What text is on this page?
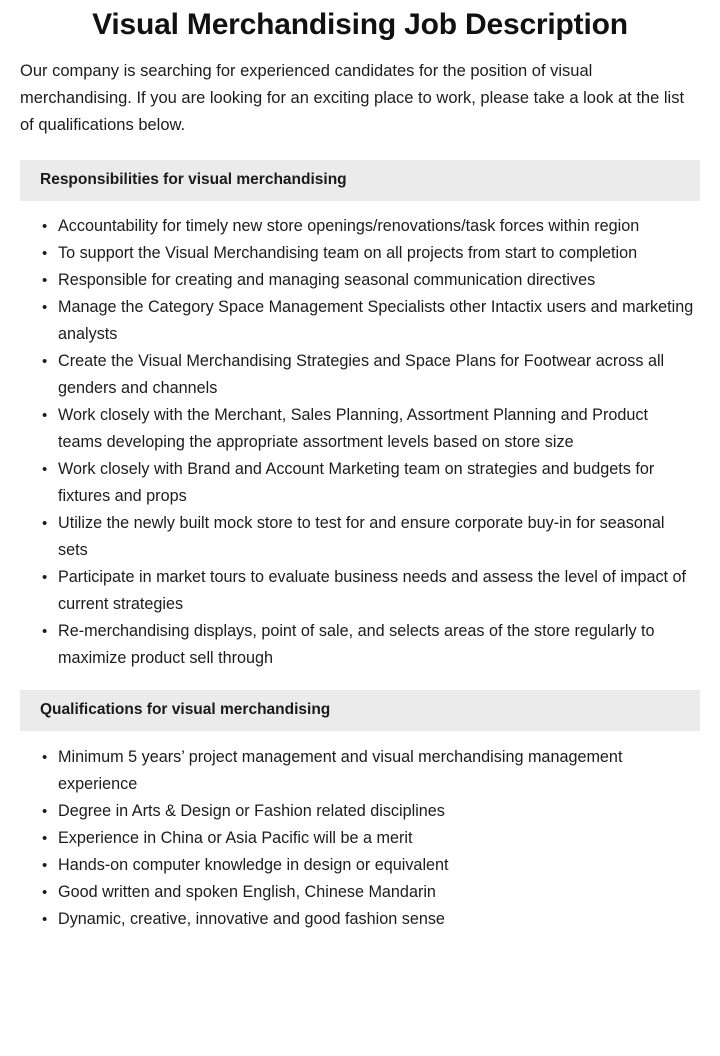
Visual Merchandising Job Description

Our company is searching for experienced candidates for the position of visual merchandising. If you are looking for an exciting place to work, please take a look at the list of qualifications below.

Responsibilities for visual merchandising
• Accountability for timely new store openings/renovations/task forces within region
• To support the Visual Merchandising team on all projects from start to completion
• Responsible for creating and managing seasonal communication directives
• Manage the Category Space Management Specialists other Intactix users and marketing analysts
• Create the Visual Merchandising Strategies and Space Plans for Footwear across all genders and channels
• Work closely with the Merchant, Sales Planning, Assortment Planning and Product teams developing the appropriate assortment levels based on store size
• Work closely with Brand and Account Marketing team on strategies and budgets for fixtures and props
• Utilize the newly built mock store to test for and ensure corporate buy-in for seasonal sets
• Participate in market tours to evaluate business needs and assess the level of impact of current strategies
• Re-merchandising displays, point of sale, and selects areas of the store regularly to maximize product sell through
Qualifications for visual merchandising
• Minimum 5 years’ project management and visual merchandising management experience
• Degree in Arts & Design or Fashion related disciplines
• Experience in China or Asia Pacific will be a merit
• Hands-on computer knowledge in design or equivalent
• Good written and spoken English, Chinese Mandarin
• Dynamic, creative, innovative and good fashion sense
